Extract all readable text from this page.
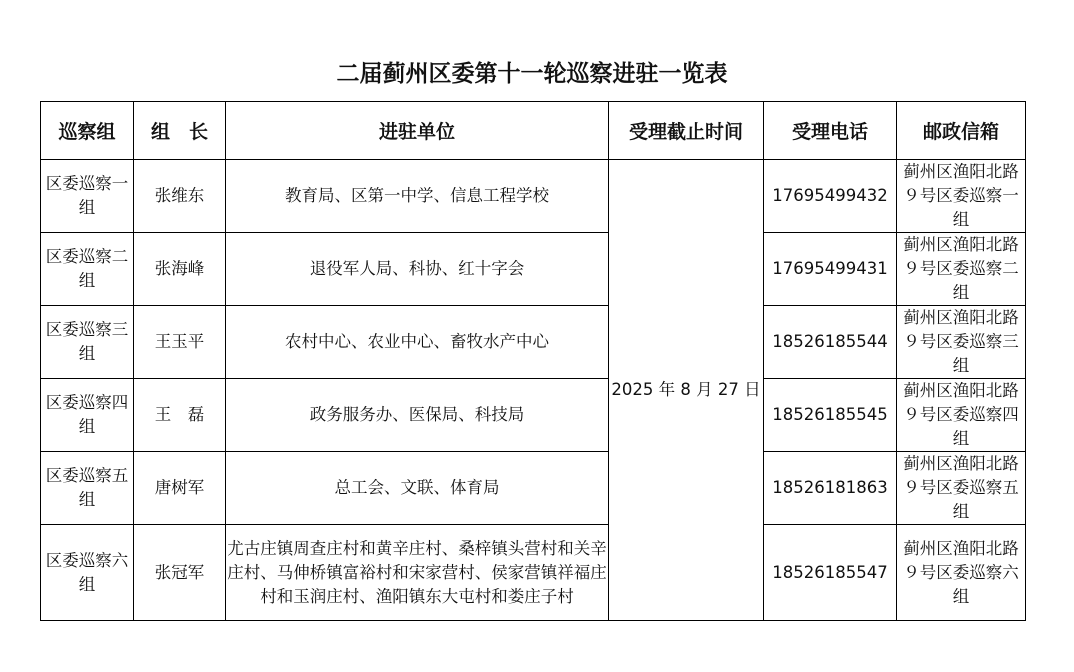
二届蓟州区委第十一轮巡察进驻一览表
巡察组	组　长	进驻单位	受理截止时间	受理电话	邮政信箱
区委巡察一组	张维东	教育局、区第一中学、信息工程学校	2025 年 8 月 27 日	17695499432	蓟州区渔阳北路９号区委巡察一组
区委巡察二组	张海峰	退役军人局、科协、红十字会		17695499431	蓟州区渔阳北路９号区委巡察二组
区委巡察三组	王玉平	农村中心、农业中心、畜牧水产中心		18526185544	蓟州区渔阳北路９号区委巡察三组
区委巡察四组	王　磊	政务服务办、医保局、科技局		18526185545	蓟州区渔阳北路９号区委巡察四组
区委巡察五组	唐树军	总工会、文联、体育局		18526181863	蓟州区渔阳北路９号区委巡察五组
区委巡察六组	张冠军	尤古庄镇周查庄村和黄辛庄村、桑梓镇头营村和关辛庄村、马伸桥镇富裕村和宋家营村、侯家营镇祥福庄村和玉润庄村、渔阳镇东大屯村和娄庄子村		18526185547	蓟州区渔阳北路９号区委巡察六组
